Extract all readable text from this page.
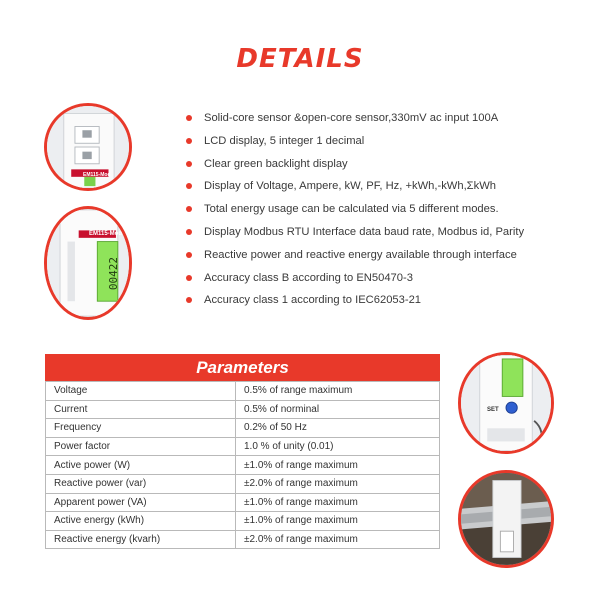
DETAILS
Solid-core sensor &open-core sensor,330mV ac input 100A
LCD display, 5 integer 1 decimal
Clear green backlight display
Display of Voltage, Ampere, kW, PF, Hz, +kWh,-kWh,ΣkWh
Total energy usage can be calculated via 5 different modes.
Display Modbus RTU Interface data baud rate, Modbus id, Parity
Reactive power and reactive energy available through interface
Accuracy class B according to EN50470-3
Accuracy class 1 according to IEC62053-21
EM115-Mod
EM115-Mod
00422
SET
Parameters
Voltage	0.5% of range maximum
Current	0.5% of norminal
Frequency	0.2% of 50 Hz
Power factor	1.0 % of unity (0.01)
Active power (W)	±1.0% of range maximum
Reactive power (var)	±2.0% of range maximum
Apparent power (VA)	±1.0% of range maximum
Active energy (kWh)	±1.0% of range maximum
Reactive energy (kvarh)	±2.0% of range maximum
